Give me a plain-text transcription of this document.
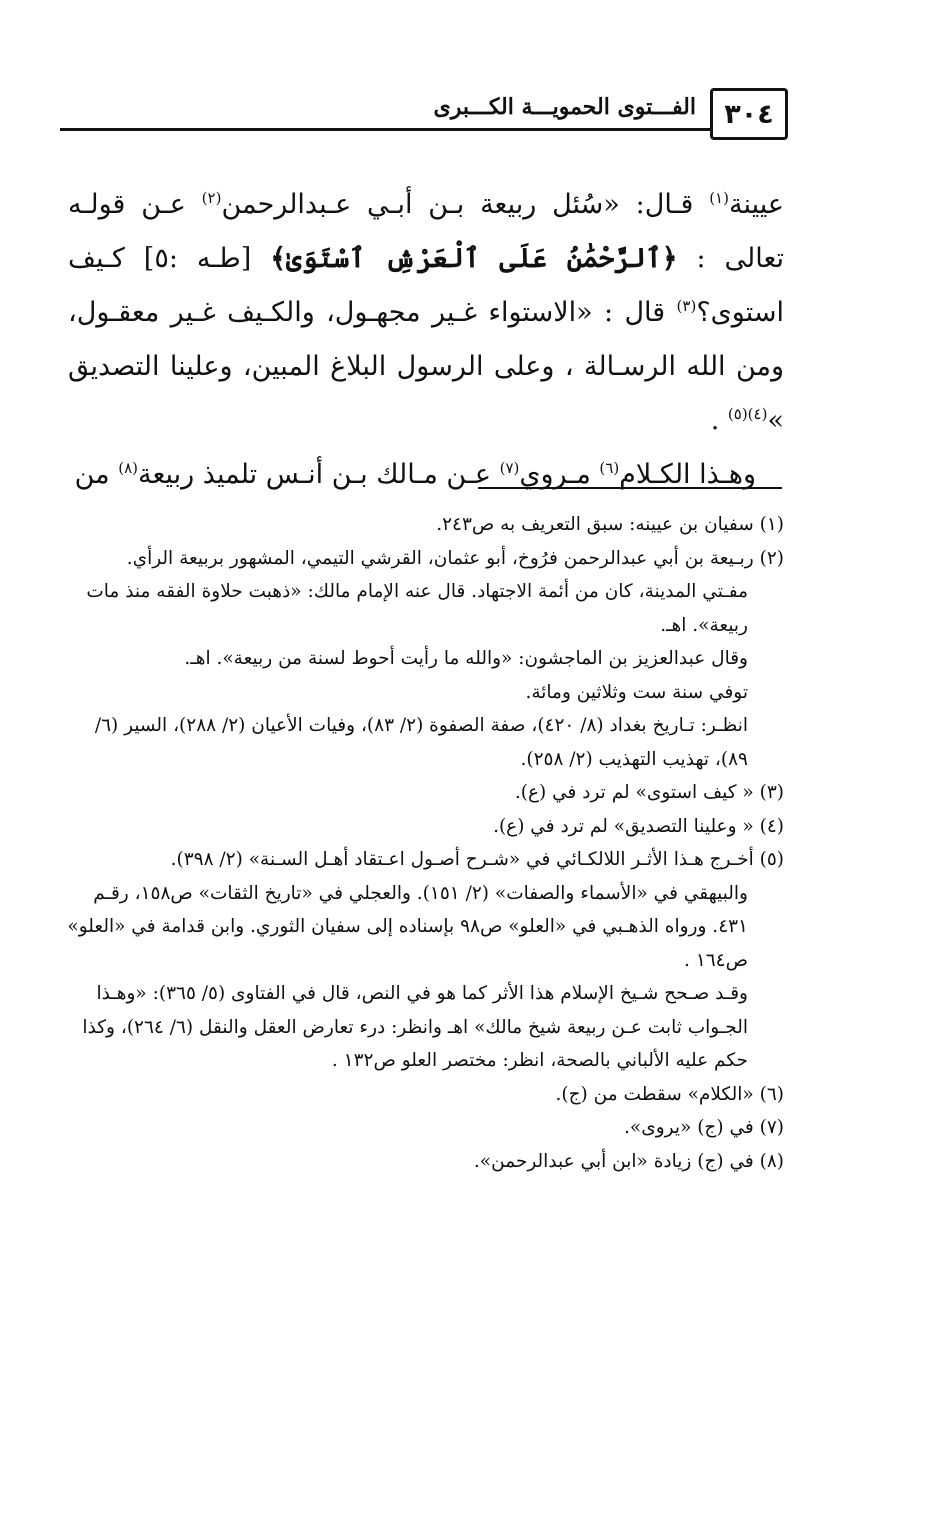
٣٠٤
الفـــتوى الحمويـــة الكـــبرى

عيينة$^{(١)}$ قـال: «سُئل ربيعة بـن أبـي عـبدالرحمن$^{(٢)}$ عـن قولـه تعالى : ﴿ٱلرَّحْمَٰنُ عَلَى ٱلْعَرْشِ ٱسْتَوَىٰ﴾ [طـه :٥] كـيف استوى؟$^{(٣)}$ قال : «الاستواء غـير مجهـول، والكـيف غـير معقـول، ومن الله الرسـالة ، وعلى الرسول البلاغ المبين، وعلينا التصديق »$^{(٤)(٥)}$ .

وهـذا الكـلام$^{(٦)}$ مـروي$^{(٧)}$ عـن مـالك بـن أنـس تلميذ ربيعة$^{(٨)}$ من

(١) سفيان بن عيينه: سبق التعريف به ص٢٤٣.

(٢) ربـيعة بن أبي عبدالرحمن فرُوخ، أبو عثمان، القرشي التيمي، المشهور بربيعة الرأي.

مفـتي المدينة، كان من أئمة الاجتهاد. قال عنه الإمام مالك: «ذهبت حلاوة الفقه منذ مات ربيعة». اهـ.

وقال عبدالعزيز بن الماجشون: «والله ما رأيت أحوط لسنة من ربيعة». اهـ.

توفي سنة ست وثلاثين ومائة.

انظـر: تـاريخ بغداد (٨/ ٤٢٠)، صفة الصفوة (٢/ ٨٣)، وفيات الأعيان (٢/ ٢٨٨)، السير (٦/ ٨٩)، تهذيب التهذيب (٢/ ٢٥٨).

(٣) « كيف استوى» لم ترد في (ع).

(٤) « وعلينا التصديق» لم ترد في (ع).

(٥) أخـرج هـذا الأثـر اللالكـائي في «شـرح أصـول اعـتقاد أهـل السـنة» (٢/ ٣٩٨).

والبيهقي في «الأسماء والصفات» (٢/ ١٥١). والعجلي في «تاريخ الثقات» ص١٥٨، رقـم ٤٣١. ورواه الذهـبي في «العلو» ص٩٨ بإسناده إلى سفيان الثوري. وابن قدامة في «العلو» ص١٦٤ .

وقـد صـحح شـيخ الإسلام هذا الأثر كما هو في النص، قال في الفتاوى (٥/ ٣٦٥): «وهـذا الجـواب ثابت عـن ربيعة شيخ مالك» اهـ وانظر: درء تعارض العقل والنقل (٦/ ٢٦٤)، وكذا حكم عليه الألباني بالصحة، انظر: مختصر العلو ص١٣٢ .

(٦) «الكلام» سقطت من (ج).

(٧) في (ج) «يروى».

(٨) في (ج) زيادة «ابن أبي عبدالرحمن».
